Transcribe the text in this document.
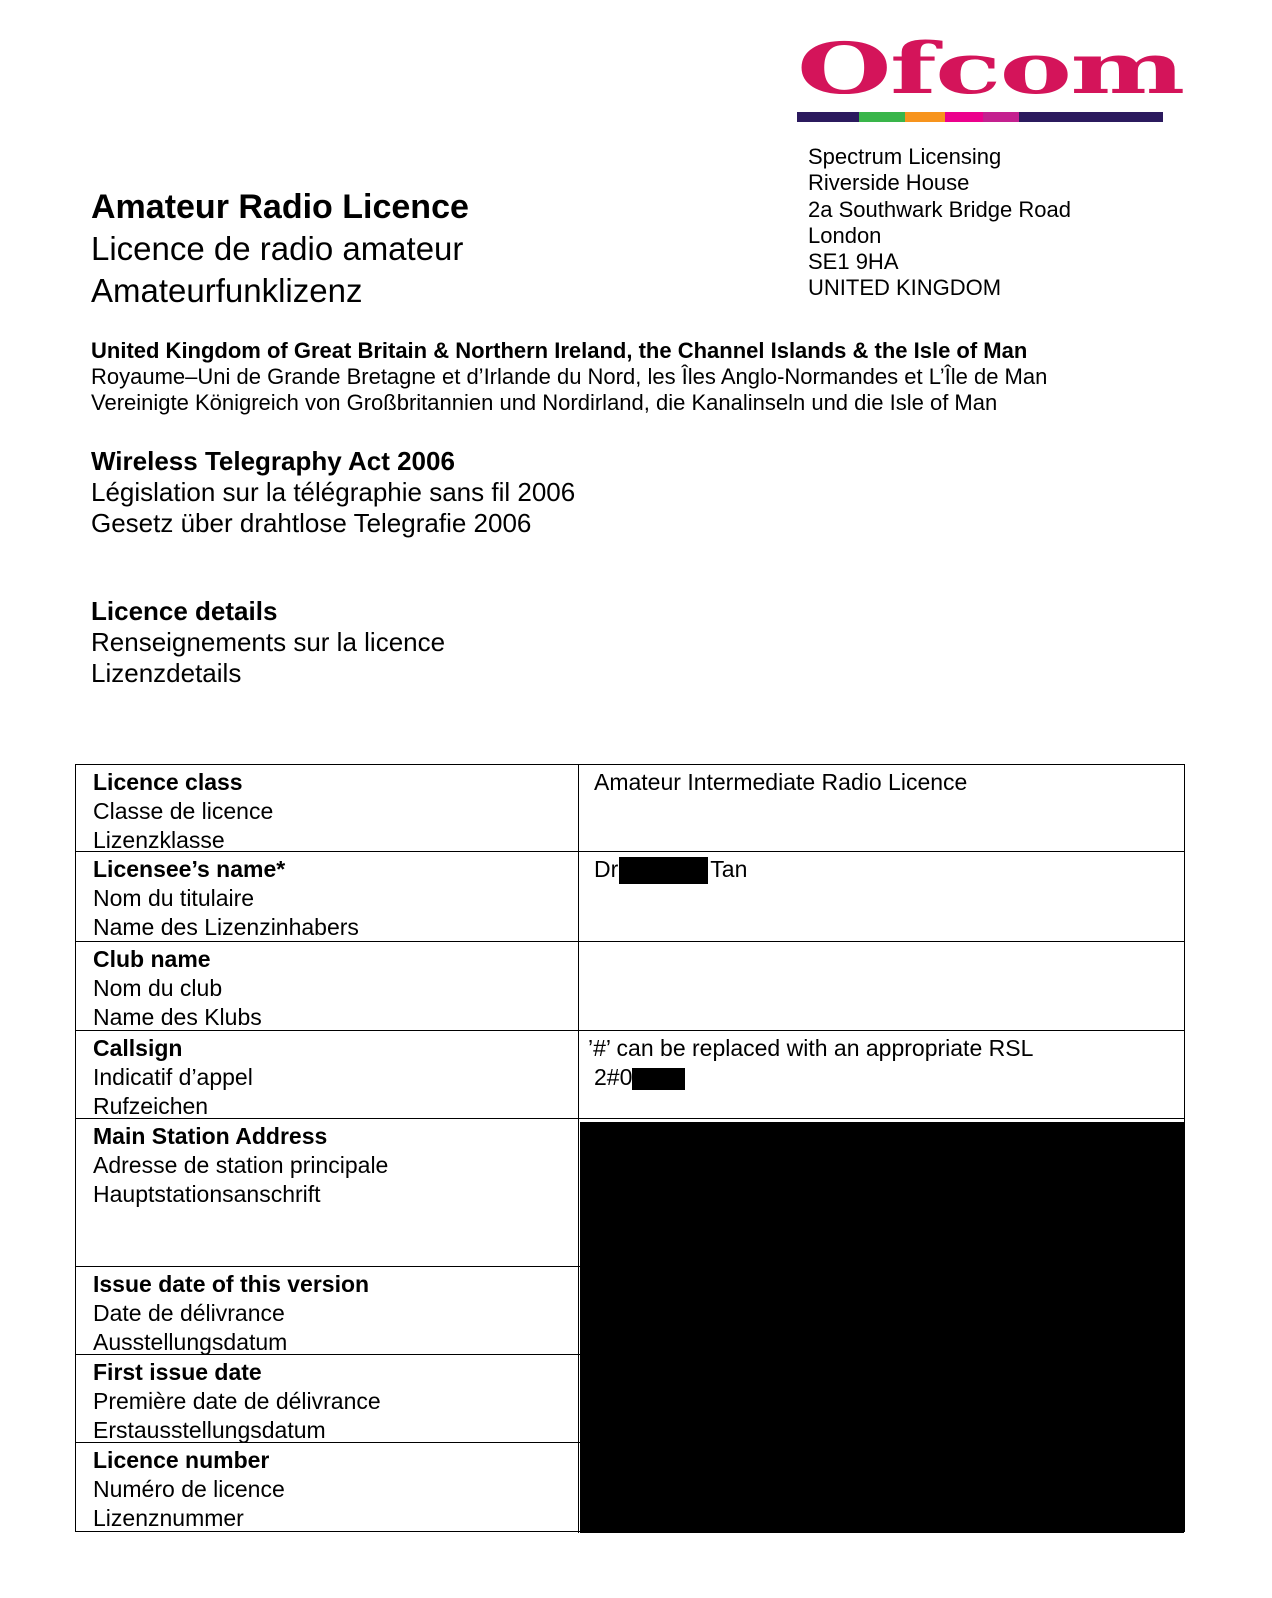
Ofcom
Spectrum Licensing
Riverside House
2a Southwark Bridge Road
London
SE1 9HA
UNITED KINGDOM
Amateur Radio Licence
Licence de radio amateur
Amateurfunklizenz
United Kingdom of Great Britain & Northern Ireland, the Channel Islands & the Isle of Man
Royaume–Uni de Grande Bretagne et d’Irlande du Nord, les Îles Anglo-Normandes et L’Île de Man
Vereinigte Königreich von Großbritannien und Nordirland, die Kanalinseln und die Isle of Man
Wireless Telegraphy Act 2006
Législation sur la télégraphie sans fil 2006
Gesetz über drahtlose Telegrafie 2006
Licence details
Renseignements sur la licence
Lizenzdetails
Licence class
Classe de licence
Lizenzklasse
Amateur Intermediate Radio Licence
Licensee’s name*
Nom du titulaire
Name des Lizenzinhabers
Dr	Tan
Club name
Nom du club
Name des Klubs
Callsign
Indicatif d’appel
Rufzeichen
’#’ can be replaced with an appropriate RSL
2#0
Main Station Address
Adresse de station principale
Hauptstationsanschrift
Issue date of this version
Date de délivrance
Ausstellungsdatum
First issue date
Première date de délivrance
Erstausstellungsdatum
Licence number
Numéro de licence
Lizenznummer
